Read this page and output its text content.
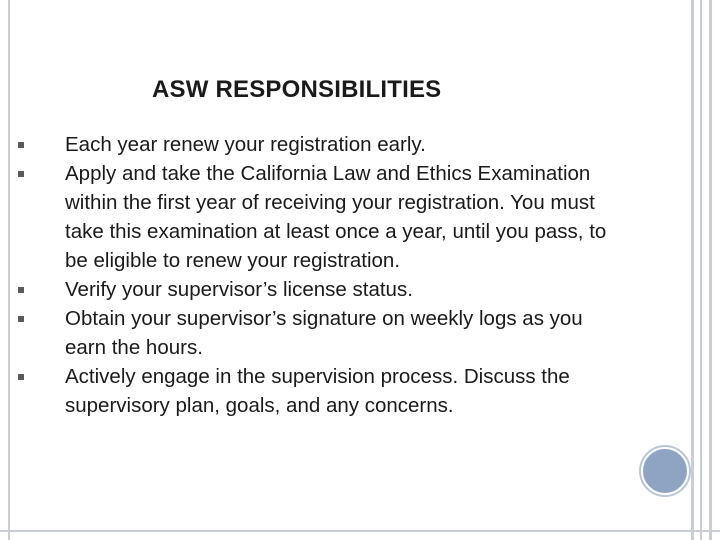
ASW RESPONSIBILITIES
Each year renew your registration early.
Apply and take the California Law and Ethics Examination within the first year of receiving your registration. You must take this examination at least once a year, until you pass, to be eligible to renew your registration.
Verify your supervisor’s license status.
Obtain your supervisor’s signature on weekly logs as you earn the hours.
Actively engage in the supervision process. Discuss the supervisory plan, goals, and any concerns.
